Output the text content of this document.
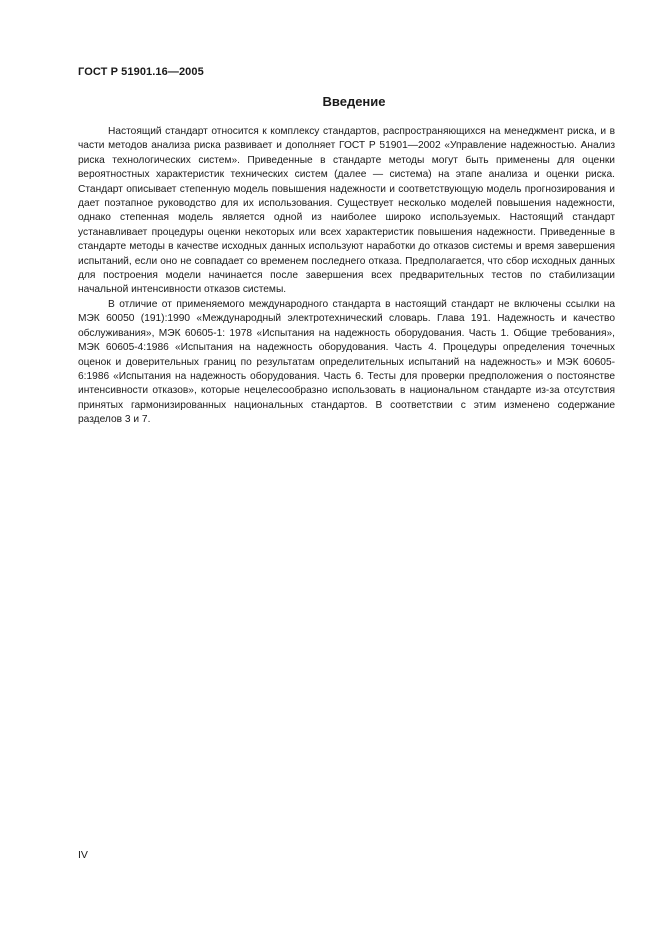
ГОСТ Р 51901.16—2005
Введение

Настоящий стандарт относится к комплексу стандартов, распространяющихся на менеджмент риска, и в части методов анализа риска развивает и дополняет ГОСТ Р 51901—2002 «Управление надежностью. Анализ риска технологических систем». Приведенные в стандарте методы могут быть применены для оценки вероятностных характеристик технических систем (далее — система) на этапе анализа и оценки риска. Стандарт описывает степенную модель повышения надежности и соответствующую модель прогнозирования и дает поэтапное руководство для их использования. Существует несколько моделей повышения надежности, однако степенная модель является одной из наиболее широко используемых. Настоящий стандарт устанавливает процедуры оценки некоторых или всех характеристик повышения надежности. Приведенные в стандарте методы в качестве исходных данных используют наработки до отказов системы и время завершения испытаний, если оно не совпадает со временем последнего отказа. Предполагается, что сбор исходных данных для построения модели начинается после завершения всех предварительных тестов по стабилизации начальной интенсивности отказов системы.

В отличие от применяемого международного стандарта в настоящий стандарт не включены ссылки на МЭК 60050 (191):1990 «Международный электротехнический словарь. Глава 191. Надежность и качество обслуживания», МЭК 60605-1: 1978 «Испытания на надежность оборудования. Часть 1. Общие требования», МЭК 60605-4:1986 «Испытания на надежность оборудования. Часть 4. Процедуры определения точечных оценок и доверительных границ по результатам определительных испытаний на надежность» и МЭК 60605-6:1986 «Испытания на надежность оборудования. Часть 6. Тесты для проверки предположения о постоянстве интенсивности отказов», которые нецелесообразно использовать в национальном стандарте из-за отсутствия принятых гармонизированных национальных стандартов. В соответствии с этим изменено содержание разделов 3 и 7.

IV
